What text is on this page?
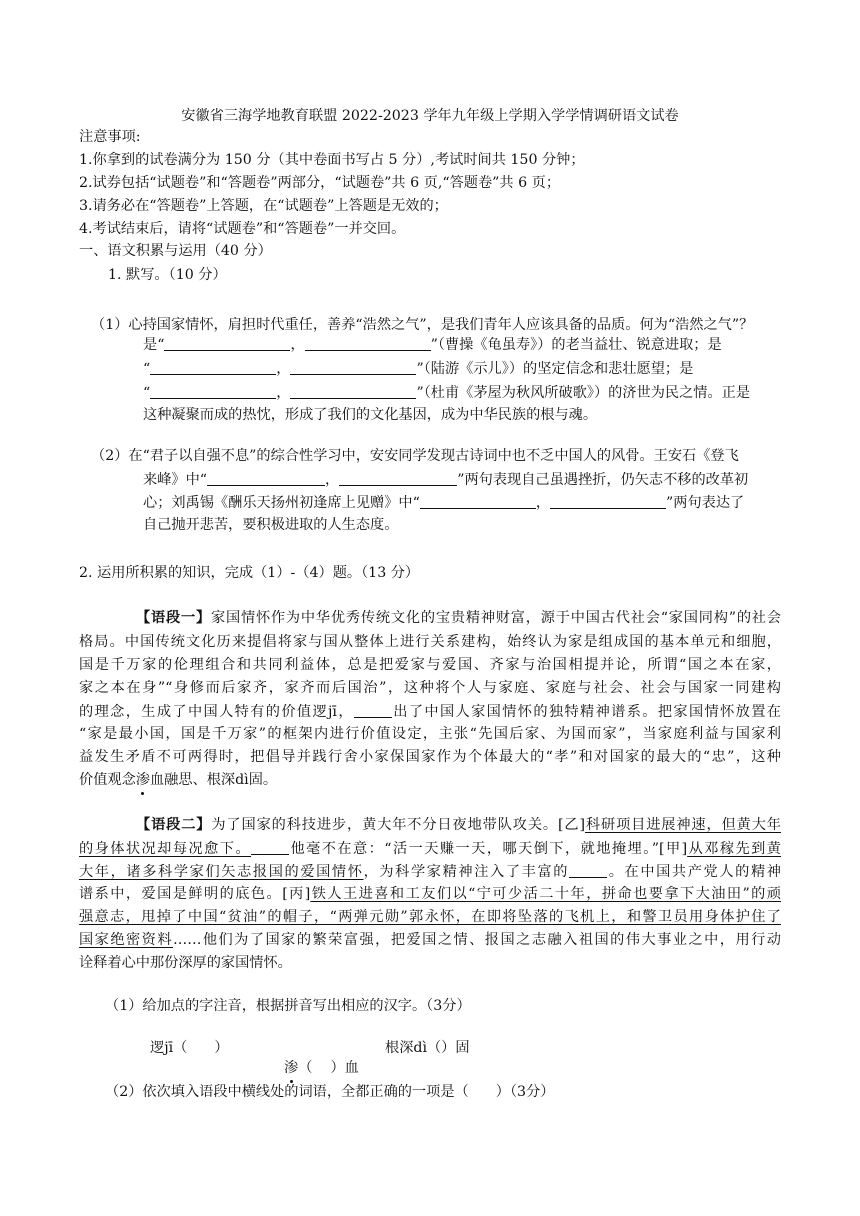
安徽省三海学地教育联盟 2022-2023 学年九年级上学期入学学情调研语文试卷
注意事项:
1.你拿到的试卷满分为 150 分（其中卷面书写占 5 分）,考试时间共 150 分钟；
2.试券包括“试题卷”和“答题卷”两部分，“试题卷”共 6 页,“答题卷”共 6 页；
3.请务必在“答题卷”上答题，在“试题卷”上答题是无效的；
4.考试结束后，请将“试题卷”和“答题卷”一并交回。
一、语文积累与运用（40 分）
1. 默写。（10 分）
（1）心持国家情怀，肩担时代重任，善养“浩然之气”，是我们青年人应该具备的品质。何为“浩然之气”？
是“	，	”（曹操《龟虽寿》）的老当益壮、锐意进取；是
“	，	”（陆游《示儿》）的坚定信念和悲壮愿望；是
“	，	”（杜甫《茅屋为秋风所破歌》）的济世为民之情。正是
这种凝聚而成的热忱，形成了我们的文化基因，成为中华民族的根与魂。
（2）在“君子以自强不息”的综合性学习中，安安同学发现古诗词中也不乏中国人的风骨。王安石《登飞
来峰》中“	，	”两句表现自己虽遇挫折，仍矢志不移的改革初
心；刘禹锡《酬乐天扬州初逢席上见赠》中“	，	”两句表达了
自己抛开悲苦，要积极进取的人生态度。
2. 运用所积累的知识，完成（1）-（4）题。（13 分）
【语段一】家国情怀作为中华优秀传统文化的宝贵精神财富，源于中国古代社会“家国同构”的社会
格局。中国传统文化历来提倡将家与国从整体上进行关系建构，始终认为家是组成国的基本单元和细胞，
国是千万家的伦理组合和共同利益体，总是把爱家与爱国、齐家与治国相提并论，所谓“国之本在家，
家之本在身”“身修而后家齐，家齐而后国治”，这种将个人与家庭、家庭与社会、社会与国家一同建构
的理念，生成了中国人特有的价值逻jī，	出了中国人家国情怀的独特精神谱系。把家国情怀放置在
“家是最小国，国是千万家”的框架内进行价值设定，主张“先国后家、为国而家”，当家庭利益与国家利
益发生矛盾不可两得时，把倡导并践行舍小家保国家作为个体最大的“孝”和对国家的最大的“忠”，这种
价值观念渗血融思、根深dì固。
【语段二】为了国家的科技进步，黄大年不分日夜地带队攻关。[乙]科研项目进展神速，但黄大年
的身体状况却每况愈下。	他毫不在意：“活一天赚一天，哪天倒下，就地掩埋。”[甲]从邓稼先到黄
大年，诸多科学家们矢志报国的爱国情怀，为科学家精神注入了丰富的	。在中国共产党人的精神
谱系中，爱国是鲜明的底色。[丙]铁人王进喜和工友们以“宁可少活二十年，拼命也要拿下大油田”的顽
强意志，甩掉了中国“贫油”的帽子，“两弹元勋”郭永怀，在即将坠落的飞机上，和警卫员用身体护住了
国家绝密资料……他们为了国家的繁荣富强，把爱国之情、报国之志融入祖国的伟大事业之中，用行动
诠释着心中那份深厚的家国情怀。
（1）给加点的字注音，根据拼音写出相应的汉字。（3分）
逻jī（      ）

渗（    ）血

根深dì（）固
（2）依次填入语段中横线处的词语，全都正确的一项是（      ）（3分）
